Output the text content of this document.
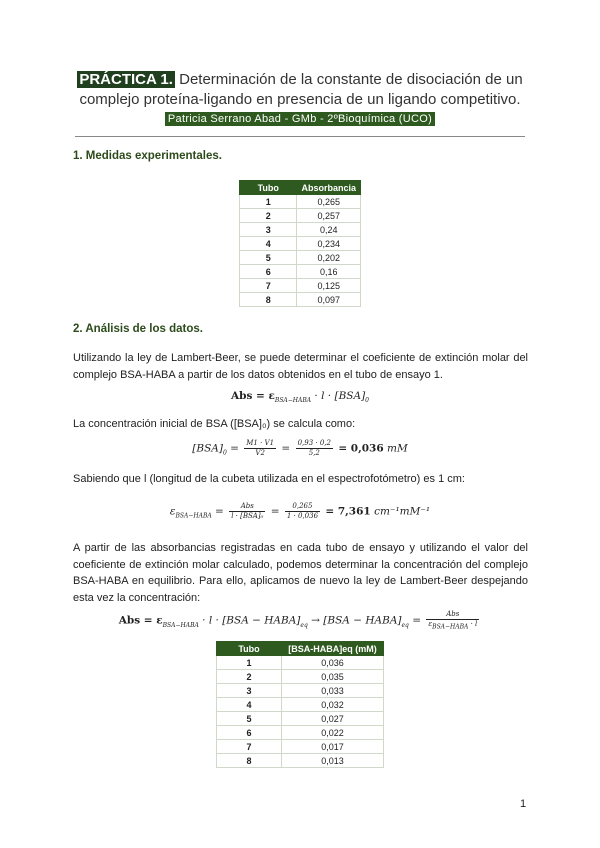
PRÁCTICA 1. Determinación de la constante de disociación de un
complejo proteína-ligando en presencia de un ligando competitivo.
Patricia Serrano Abad - GMb - 2ºBioquímica (UCO)
1. Medidas experimentales.
Tubo	Absorbancia
1	0,265
2	0,257
3	0,24
4	0,234
5	0,202
6	0,16
7	0,125
8	0,097
2. Análisis de los datos.
Utilizando la ley de Lambert-Beer, se puede determinar el coeficiente de extinción molar del complejo BSA-HABA a partir de los datos obtenidos en el tubo de ensayo 1.
Abs = $\varepsilon_{BSA-HABA} \cdot l \cdot [BSA]_0$
La concentración inicial de BSA ([BSA]₀) se calcula como:
$[BSA]_0 = \frac{M1 \cdot V1}{V2} = \frac{0,93 \cdot 0,2}{5,2} = 0,036$ mM
Sabiendo que l (longitud de la cubeta utilizada en el espectrofotómetro) es 1 cm:
$\varepsilon_{BSA-HABA} = \frac{\text{Abs}}{\text{l · [BSA]₀}} = \frac{0,265}{1 \cdot 0,036} = 7,361$ cm⁻¹mM⁻¹
A partir de las absorbancias registradas en cada tubo de ensayo y utilizando el valor del coeficiente de extinción molar calculado, podemos determinar la concentración del complejo BSA-HABA en equilibrio. Para ello, aplicamos de nuevo la ley de Lambert-Beer despejando esta vez la concentración:
Abs = $\varepsilon_{BSA-HABA} \cdot l \cdot [BSA$ − $HABA]_{eq} \to [BSA$ − $HABA]_{eq} = \frac{\text{Abs}}{\varepsilon_{BSA-HABA} \cdot l}$
Tubo	[BSA-HABA]eq (mM)
1	0,036
2	0,035
3	0,033
4	0,032
5	0,027
6	0,022
7	0,017
8	0,013
1
